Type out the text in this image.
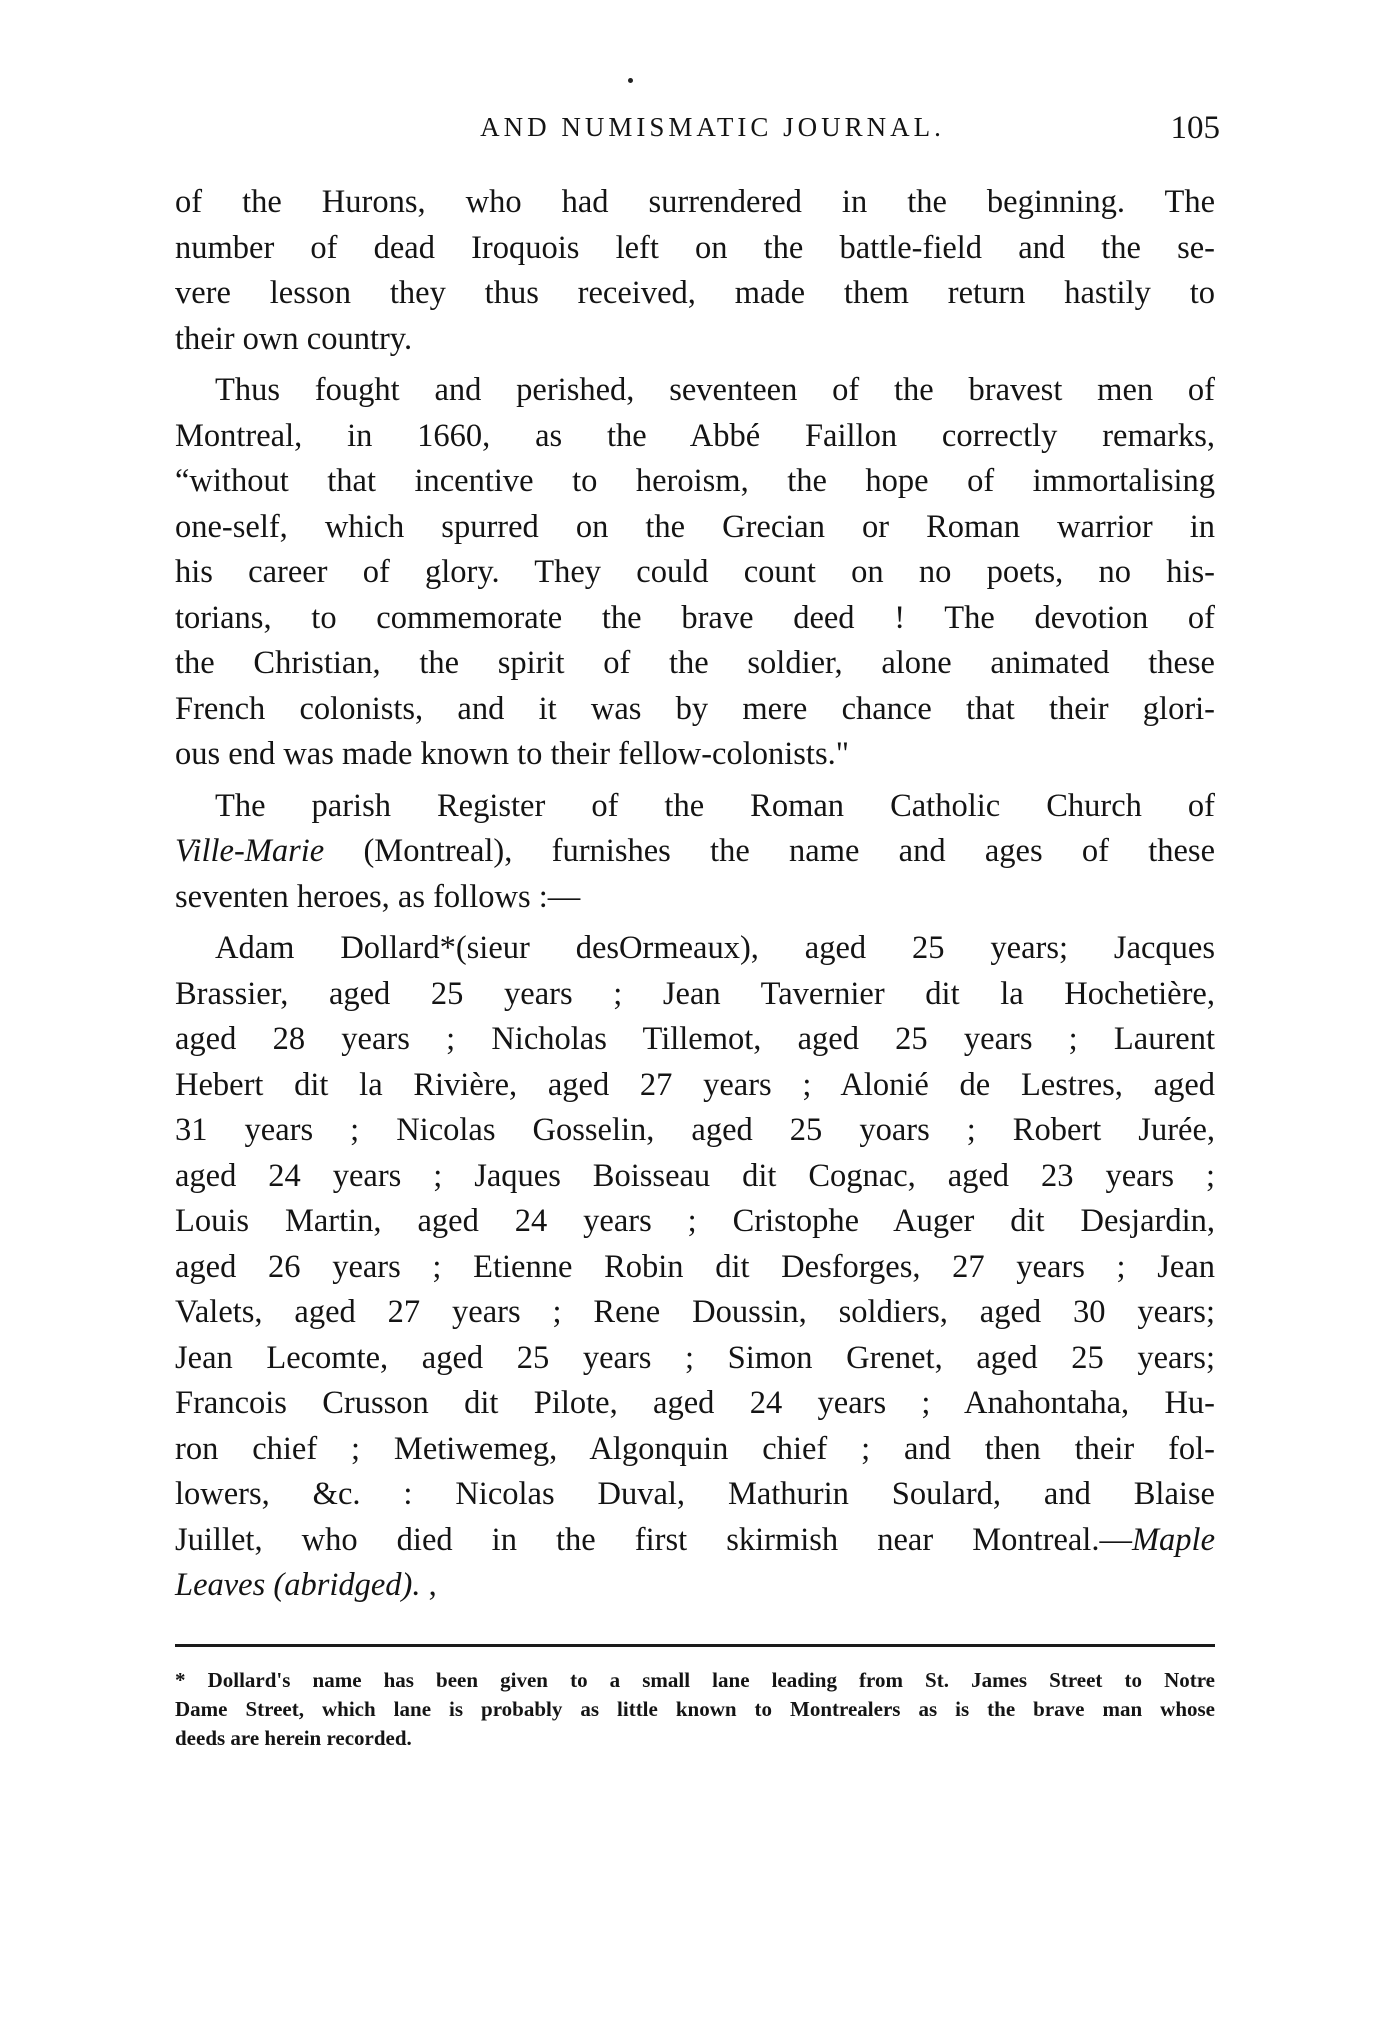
AND NUMISMATIC JOURNAL.	105

of the Hurons, who had surrendered in the beginning. The
number of dead Iroquois left on the battle-field and the se-
vere lesson they thus received, made them return hastily to
their own country.

Thus fought and perished, seventeen of the bravest men of
Montreal, in 1660, as the Abbé Faillon correctly remarks,
“without that incentive to heroism, the hope of immortalising
one-self, which spurred on the Grecian or Roman warrior in
his career of glory. They could count on no poets, no his-
torians, to commemorate the brave deed ! The devotion of
the Christian, the spirit of the soldier, alone animated these
French colonists, and it was by mere chance that their glori-
ous end was made known to their fellow-colonists."

The parish Register of the Roman Catholic Church of
Ville-Marie (Montreal), furnishes the name and ages of these
seventen heroes, as follows :—

Adam Dollard*(sieur desOrmeaux), aged 25 years; Jacques
Brassier, aged 25 years ; Jean Tavernier dit la Hochetière,
aged 28 years ; Nicholas Tillemot, aged 25 years ; Laurent
Hebert dit la Rivière, aged 27 years ; Alonié de Lestres, aged
31 years ; Nicolas Gosselin, aged 25 yoars ; Robert Jurée,
aged 24 years ; Jaques Boisseau dit Cognac, aged 23 years ;
Louis Martin, aged 24 years ; Cristophe Auger dit Desjardin,
aged 26 years ; Etienne Robin dit Desforges, 27 years ; Jean
Valets, aged 27 years ; Rene Doussin, soldiers, aged 30 years;
Jean Lecomte, aged 25 years ; Simon Grenet, aged 25 years;
Francois Crusson dit Pilote, aged 24 years ; Anahontaha, Hu-
ron chief ; Metiwemeg, Algonquin chief ; and then their fol-
lowers, &c. : Nicolas Duval, Mathurin Soulard, and Blaise
Juillet, who died in the first skirmish near Montreal.—Maple
Leaves (abridged). ,

* Dollard's name has been given to a small lane leading from St. James Street to Notre
Dame Street, which lane is probably as little known to Montrealers as is the brave man whose
deeds are herein recorded.
